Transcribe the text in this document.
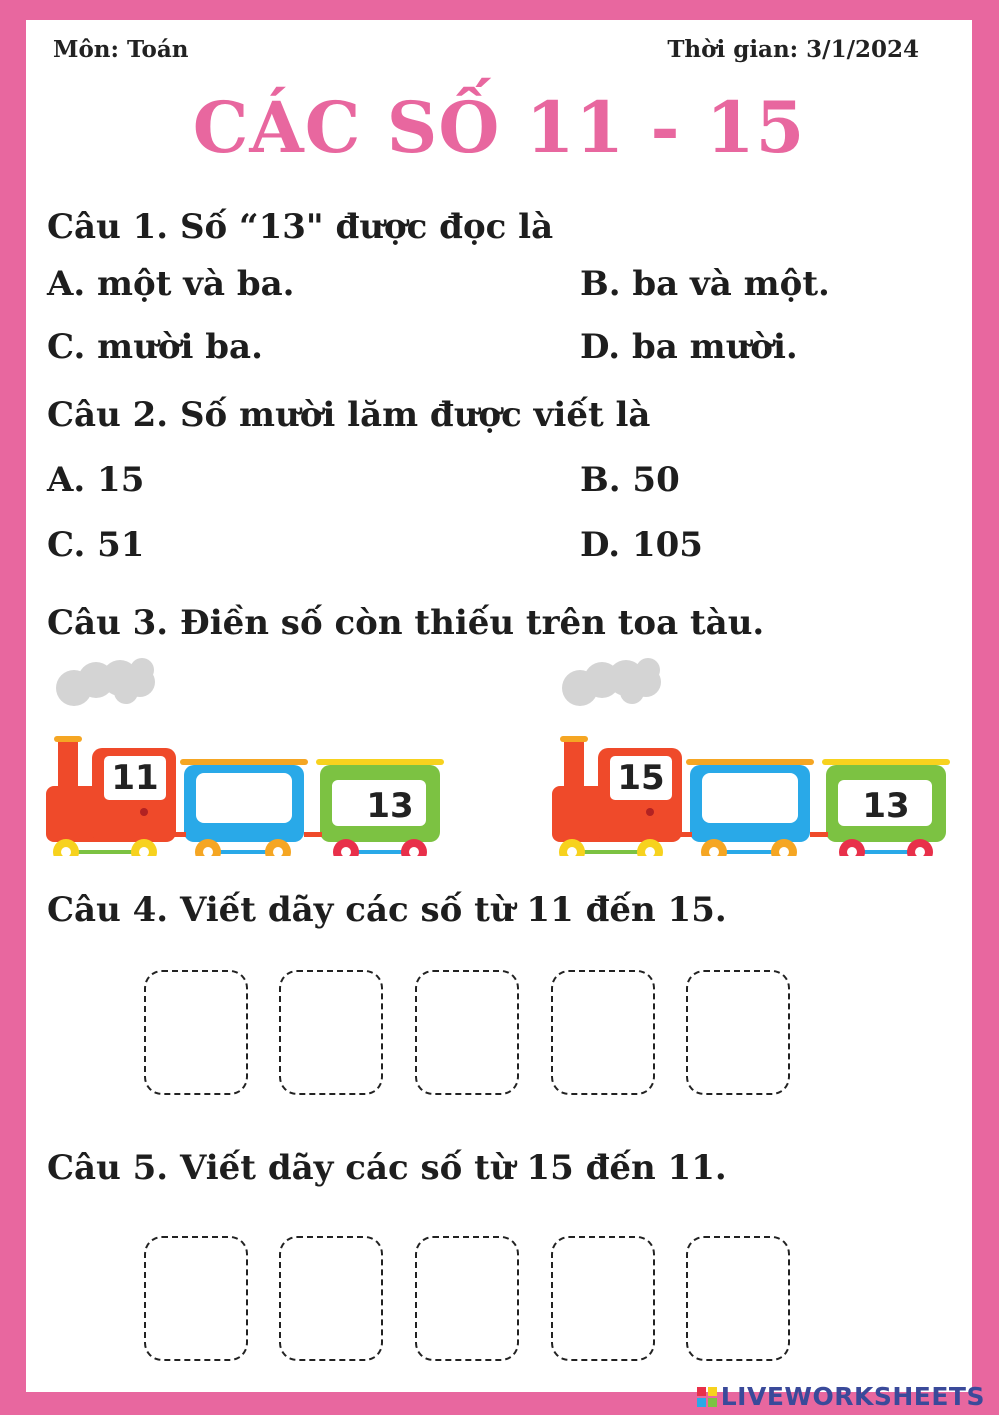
Môn: Toán	Thời gian: 3/1/2024
CÁC SỐ 11 - 15
Câu 1. Số “13" được đọc là
A. một và ba.	B. ba và một.
C. mười ba.	D. ba mười.
Câu 2. Số mười lăm được viết là
A. 15	B. 50
C. 51	D. 105
Câu 3. Điền số còn thiếu trên toa tàu.
11
13
15
13
Câu 4. Viết dãy các số từ 11 đến 15.
Câu 5. Viết dãy các số từ 15 đến 11.
LIVEWORKSHEETS
